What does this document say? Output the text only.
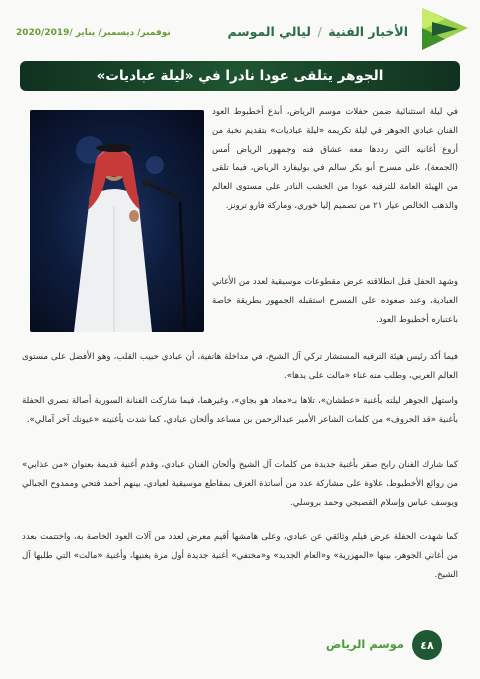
الأخبار الفنية / ليالي الموسم
نوفمبر/ ديسمبر/ يناير /2020/2019
الجوهر يتلقى عودا نادرا في «ليلة عباديات»

في ليلة استثنائية ضمن حفلات موسم الرياض، أبدع أخطبوط العود الفنان عبادي الجوهر في ليلة تكريمه «ليلة عباديات» بتقديم نخبة من أروع أغانيه التي رددها معه عشاق فنه وجمهور الرياض أمس (الجمعة)، على مسرح أبو بكر سالم في بوليفارد الرياض، فيما تلقى من الهيئة العامة للترفيه عودا من الخشب النادر على مستوى العالم والذهب الخالص عيار ٢١ من تصميم إليا خوري، وماركة فارو ترونز.

وشهد الحفل قبل انطلاقته عرض مقطوعات موسيقية لعدد من الأغاني العبادية، وعند صعوده على المسرح استقبله الجمهور بطريقة خاصة باعتباره أخطبوط العود.

فيما أكد رئيس هيئة الترفيه المستشار تركي آل الشيخ، في مداخلة هاتفية، أن عبادي حبيب القلب، وهو الأفضل على مستوى العالم العربي، وطلب منه غناء «مالت على يدها».

واستهل الجوهر ليلته بأغنية «عطشان»، تلاها بـ«معاد هو بجاي»، وغيرهما، فيما شاركت الفنانة السورية أصالة نصري الحفلة بأغنية «قد الحروف» من كلمات الشاعر الأمير عبدالرحمن بن مساعد وألحان عبادي، كما شدت بأغنيته «عيونك آخر آمالي».

كما شارك الفنان رابح صقر بأغنية جديدة من كلمات آل الشيخ وألحان الفنان عبادي، وقدم أغنية قديمة بعنوان «من عذابي» من روائع الأخطبوط، علاوة على مشاركة عدد من أساتذة العزف بمقاطع موسيقية لعبادي، بينهم أحمد فتحي وممدوح الجبالي ويوسف عباس وإسلام القصبجي وحمد بروسلي.

كما شهدت الحفلة عرض فيلم وثائقي عن عبادي، وعلى هامشها أقيم معرض لعدد من آلات العود الخاصة به، واختتمت بعدد من أغاني الجوهر، بينها «المهزرية» و«العام الجديد» و«مختفي» أغنية جديدة أول مرة يغنيها، وأغنية «مالت» التي طلبها آل الشيخ.

٤٨
موسم الرياض
